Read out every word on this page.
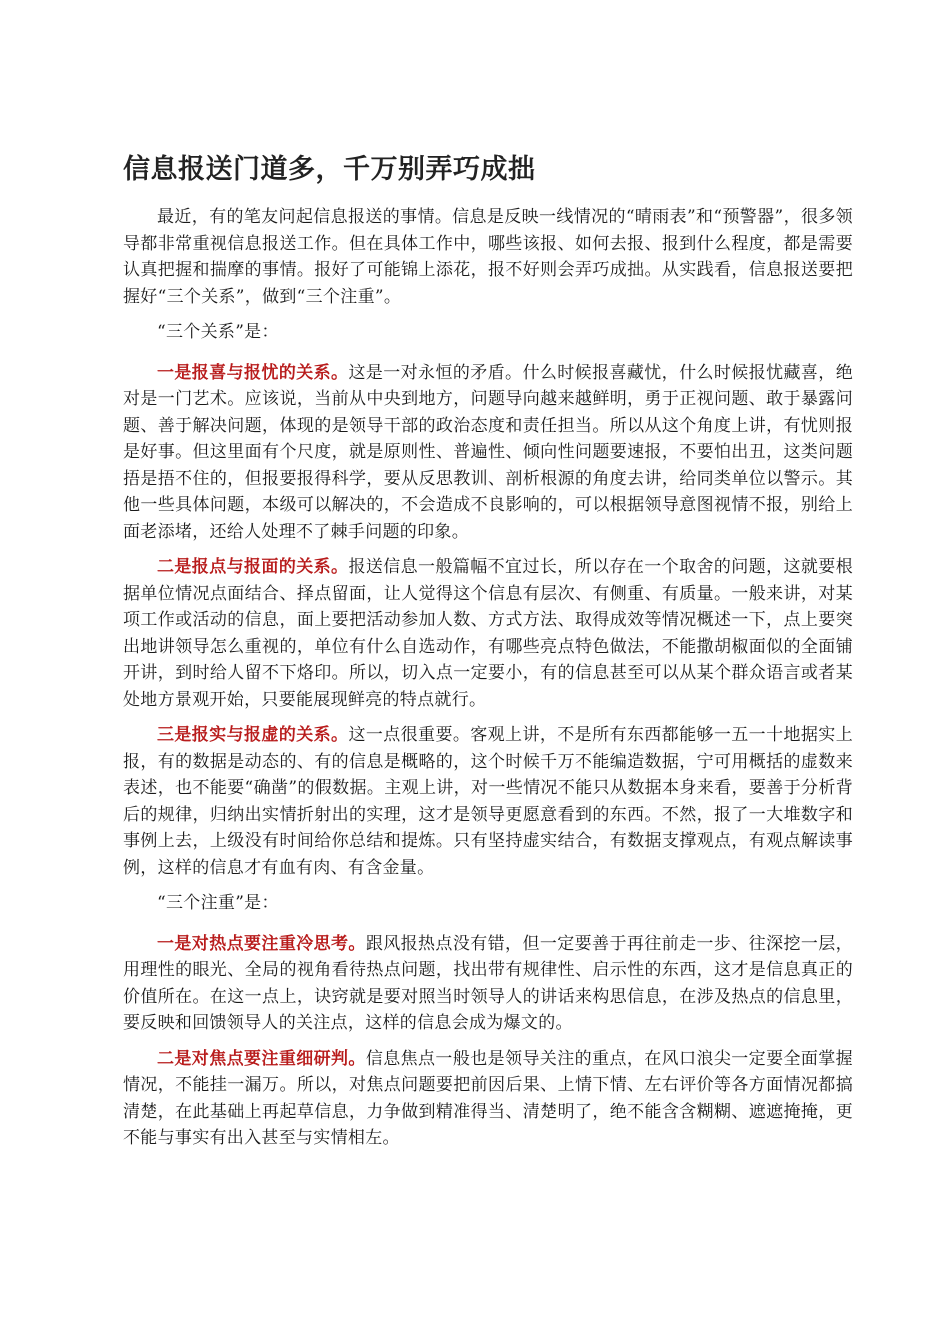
信息报送门道多，千万别弄巧成拙

最近，有的笔友问起信息报送的事情。信息是反映一线情况的“晴雨表”和“预警器”，很多领导都非常重视信息报送工作。但在具体工作中，哪些该报、如何去报、报到什么程度，都是需要认真把握和揣摩的事情。报好了可能锦上添花，报不好则会弄巧成拙。从实践看，信息报送要把握好“三个关系”，做到“三个注重”。

“三个关系”是：

一是报喜与报忧的关系。这是一对永恒的矛盾。什么时候报喜藏忧，什么时候报忧藏喜，绝对是一门艺术。应该说，当前从中央到地方，问题导向越来越鲜明，勇于正视问题、敢于暴露问题、善于解决问题，体现的是领导干部的政治态度和责任担当。所以从这个角度上讲，有忧则报是好事。但这里面有个尺度，就是原则性、普遍性、倾向性问题要速报，不要怕出丑，这类问题捂是捂不住的，但报要报得科学，要从反思教训、剖析根源的角度去讲，给同类单位以警示。其他一些具体问题，本级可以解决的，不会造成不良影响的，可以根据领导意图视情不报，别给上面老添堵，还给人处理不了棘手问题的印象。

二是报点与报面的关系。报送信息一般篇幅不宜过长，所以存在一个取舍的问题，这就要根据单位情况点面结合、择点留面，让人觉得这个信息有层次、有侧重、有质量。一般来讲，对某项工作或活动的信息，面上要把活动参加人数、方式方法、取得成效等情况概述一下，点上要突出地讲领导怎么重视的，单位有什么自选动作，有哪些亮点特色做法，不能撒胡椒面似的全面铺开讲，到时给人留不下烙印。所以，切入点一定要小，有的信息甚至可以从某个群众语言或者某处地方景观开始，只要能展现鲜亮的特点就行。

三是报实与报虚的关系。这一点很重要。客观上讲，不是所有东西都能够一五一十地据实上报，有的数据是动态的、有的信息是概略的，这个时候千万不能编造数据，宁可用概括的虚数来表述，也不能要“确凿”的假数据。主观上讲，对一些情况不能只从数据本身来看，要善于分析背后的规律，归纳出实情折射出的实理，这才是领导更愿意看到的东西。不然，报了一大堆数字和事例上去，上级没有时间给你总结和提炼。只有坚持虚实结合，有数据支撑观点，有观点解读事例，这样的信息才有血有肉、有含金量。

“三个注重”是：

一是对热点要注重冷思考。跟风报热点没有错，但一定要善于再往前走一步、往深挖一层，用理性的眼光、全局的视角看待热点问题，找出带有规律性、启示性的东西，这才是信息真正的价值所在。在这一点上，诀窍就是要对照当时领导人的讲话来构思信息，在涉及热点的信息里，要反映和回馈领导人的关注点，这样的信息会成为爆文的。

二是对焦点要注重细研判。信息焦点一般也是领导关注的重点，在风口浪尖一定要全面掌握情况，不能挂一漏万。所以，对焦点问题要把前因后果、上情下情、左右评价等各方面情况都搞清楚，在此基础上再起草信息，力争做到精准得当、清楚明了，绝不能含含糊糊、遮遮掩掩，更不能与事实有出入甚至与实情相左。
